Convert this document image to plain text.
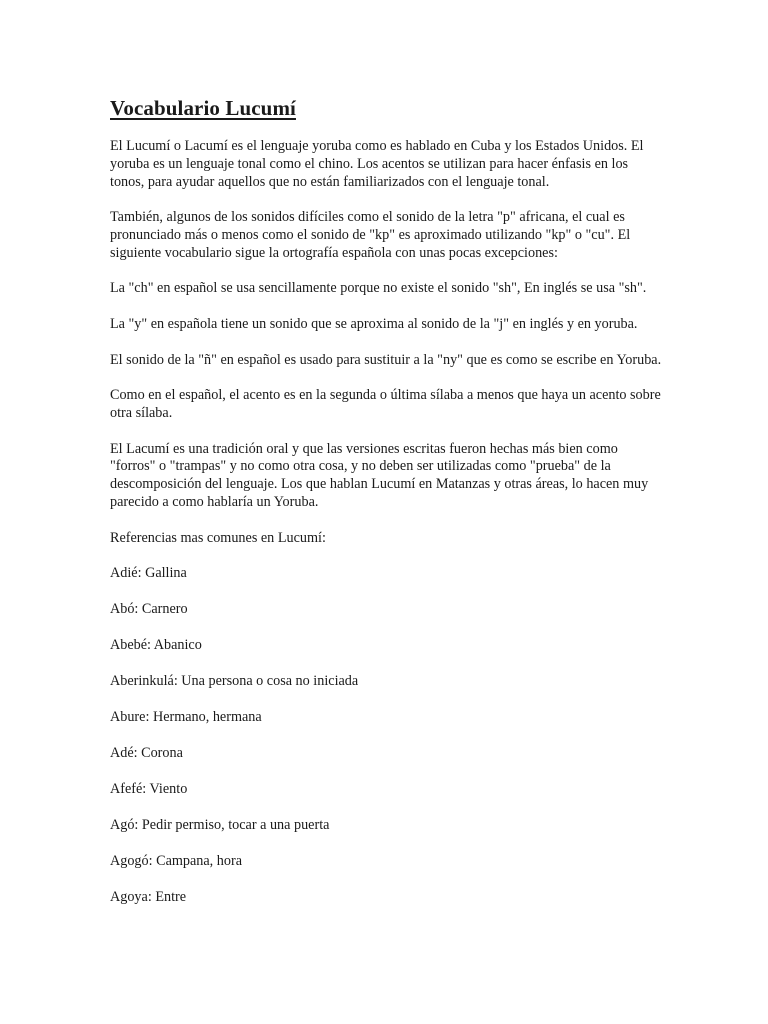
Vocabulario Lucumí

El Lucumí o Lacumí es el lenguaje yoruba como es hablado en Cuba y los Estados Unidos. El yoruba es un lenguaje tonal como el chino. Los acentos se utilizan para hacer énfasis en los tonos, para ayudar aquellos que no están familiarizados con el lenguaje tonal.

También, algunos de los sonidos difíciles como el sonido de la letra "p" africana, el cual es pronunciado más o menos como el sonido de "kp" es aproximado utilizando "kp" o "cu". El siguiente vocabulario sigue la ortografía española con unas pocas excepciones:

La "ch" en español se usa sencillamente porque no existe el sonido "sh", En inglés se usa "sh".

La "y" en española tiene un sonido que se aproxima al sonido de la "j" en inglés y en yoruba.

El sonido de la "ñ" en español es usado para sustituir a la "ny" que es como se escribe en Yoruba.

Como en el español, el acento es en la segunda o última sílaba a menos que haya un acento sobre otra sílaba.

El Lacumí es una tradición oral y que las versiones escritas fueron hechas más bien como "forros" o "trampas" y no como otra cosa, y no deben ser utilizadas como "prueba" de la descomposición del lenguaje. Los que hablan Lucumí en Matanzas y otras áreas, lo hacen muy parecido a como hablaría un Yoruba.

Referencias mas comunes en Lucumí:

Adié: Gallina

Abó: Carnero

Abebé: Abanico

Aberinkulá: Una persona o cosa no iniciada

Abure: Hermano, hermana

Adé: Corona

Afefé: Viento

Agó: Pedir permiso, tocar a una puerta

Agogó: Campana, hora

Agoya: Entre
